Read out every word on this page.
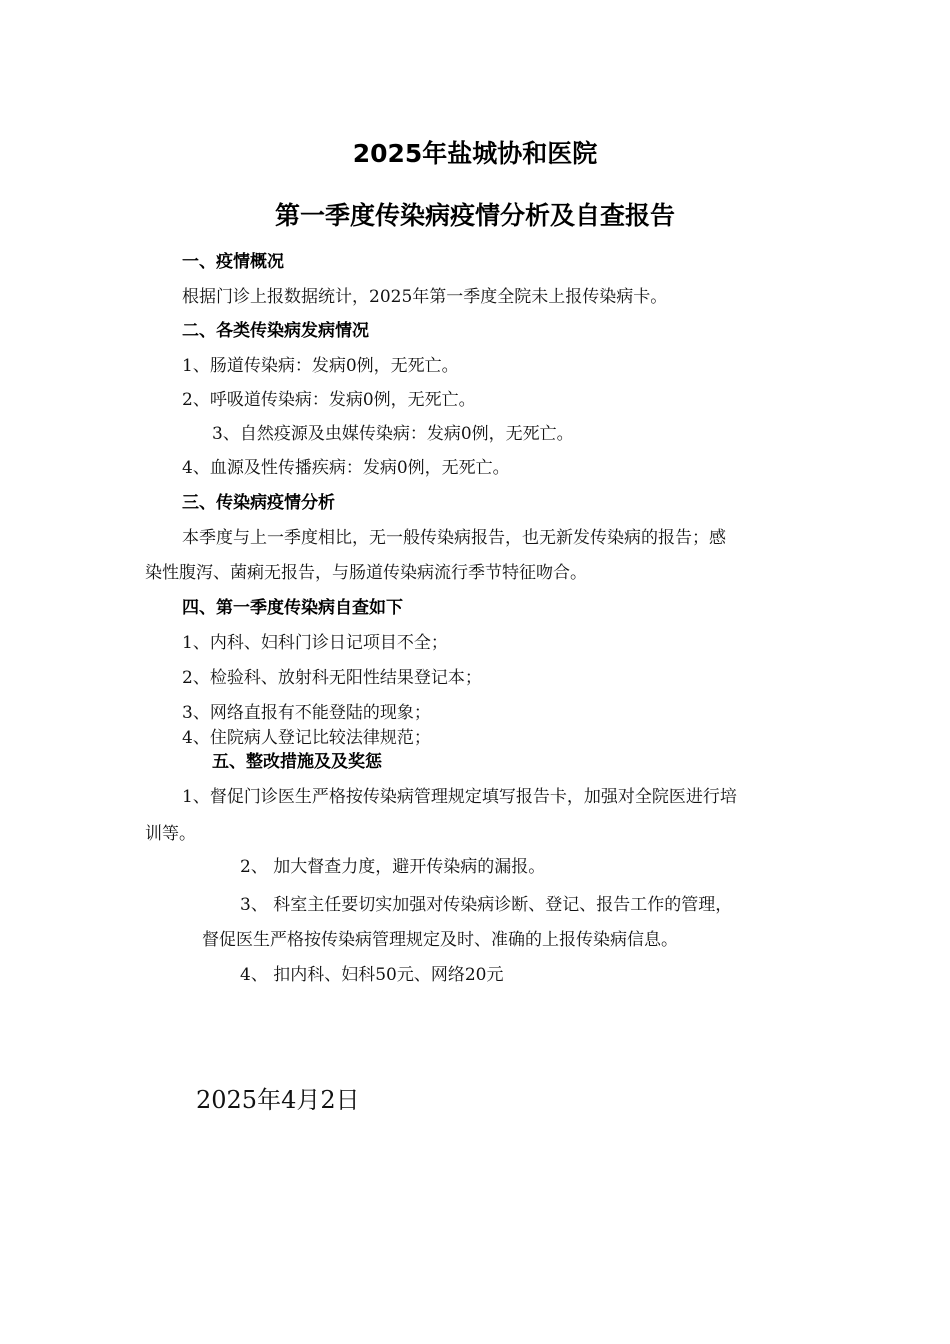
2025年盐城协和医院
第一季度传染病疫情分析及自查报告
一、疫情概况
根据门诊上报数据统计，2025年第一季度全院未上报传染病卡。
二、各类传染病发病情况
1、肠道传染病：发病0例，无死亡。
2、呼吸道传染病：发病0例，无死亡。
3、自然疫源及虫媒传染病：发病0例，无死亡。
4、血源及性传播疾病：发病0例，无死亡。
三、传染病疫情分析
本季度与上一季度相比，无一般传染病报告，也无新发传染病的报告；感
染性腹泻、菌痢无报告，与肠道传染病流行季节特征吻合。
四、第一季度传染病自查如下
1、内科、妇科门诊日记项目不全；
2、检验科、放射科无阳性结果登记本；
3、网络直报有不能登陆的现象；
4、住院病人登记比较法律规范；
五、整改措施及及奖惩
1、督促门诊医生严格按传染病管理规定填写报告卡，加强对全院医进行培
训等。
2、 加大督查力度，避开传染病的漏报。
3、 科室主任要切实加强对传染病诊断、登记、报告工作的管理，
督促医生严格按传染病管理规定及时、准确的上报传染病信息。
4、 扣内科、妇科50元、网络20元
2025年4月2日
